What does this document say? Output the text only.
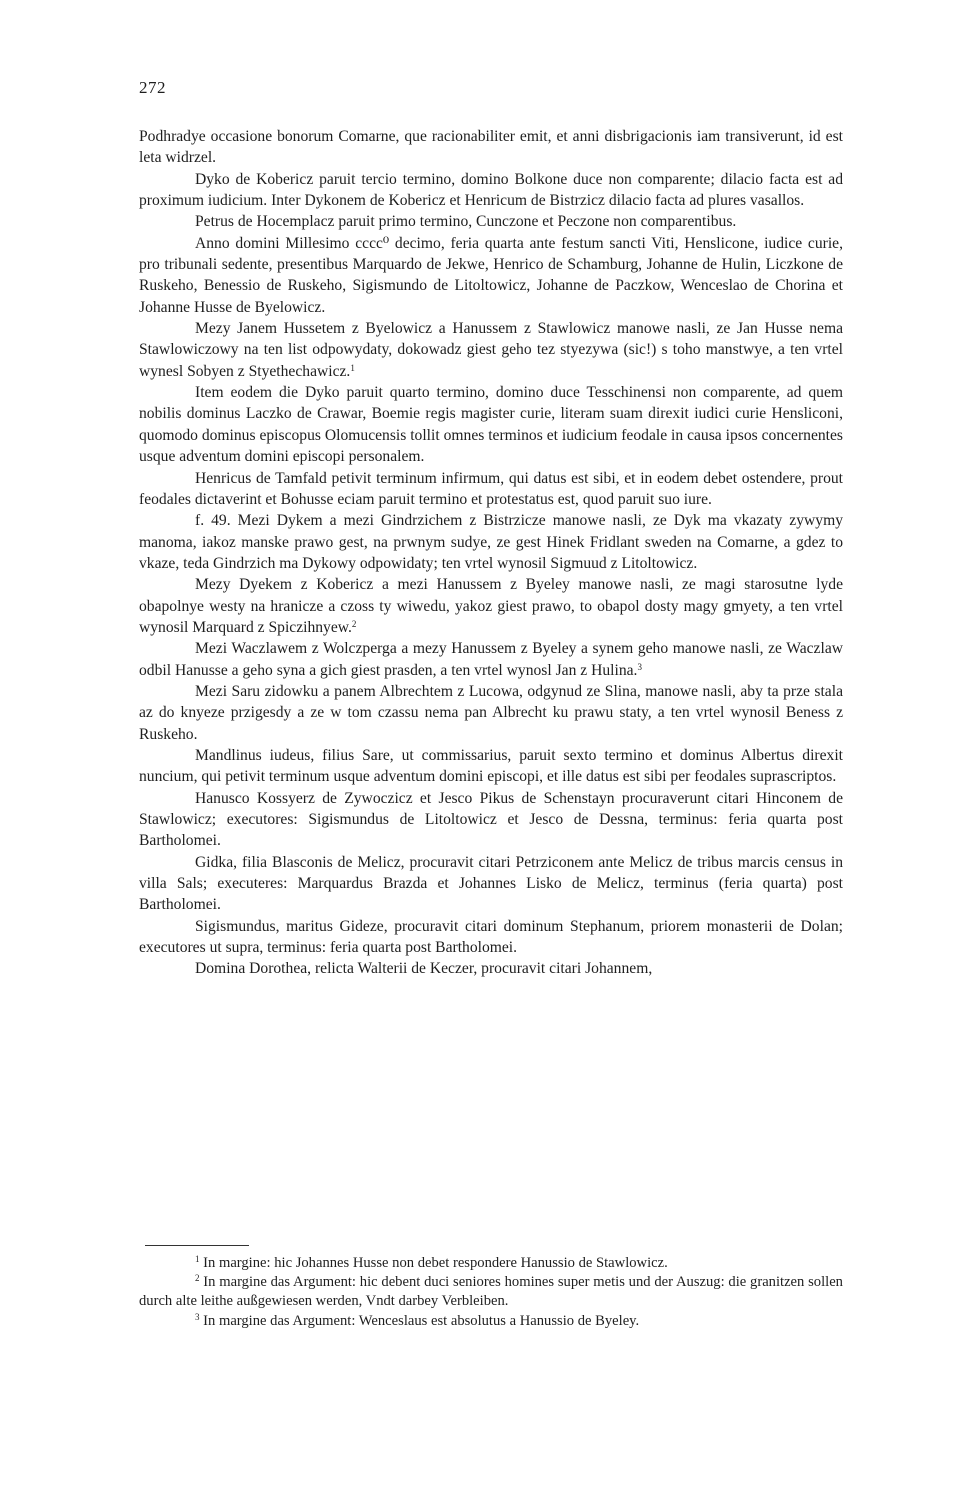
272

Podhradye occasione bonorum Comarne, que racionabiliter emit, et anni disbrigacionis iam transiverunt, id est leta widrzel.

Dyko de Kobericz paruit tercio termino, domino Bolkone duce non comparente; dilacio facta est ad proximum iudicium. Inter Dykonem de Kobericz et Henricum de Bistrzicz dilacio facta ad plures vasallos.

Petrus de Hocemplacz paruit primo termino, Cunczone et Peczone non comparentibus.

Anno domini Millesimo cccc⁰ decimo, feria quarta ante festum sancti Viti, Hensliconе, iudice curie, pro tribunali sedente, presentibus Marquardo de Jekwe, Henrico de Schamburg, Johanne de Hulin, Liczkone de Ruskeho, Benessio de Ruskeho, Sigismundo de Litoltowicz, Johanne de Paczkow, Wenceslao de Chorina et Johanne Husse de Byelowicz.

Mezy Janem Hussetem z Byelowicz a Hanussem z Stawlowicz manowe nasli, ze Jan Husse nema Stawlowiczowy na ten list odpowydaty, dokowadz giest geho tez styezywa (sic!) s toho manstwye, a ten vrtel wynesl Sobyen z Styethechawicz.$^1$

Item eodem die Dyko paruit quarto termino, domino duce Tesschinensi non comparente, ad quem nobilis dominus Laczko de Crawar, Boemie regis magister curie, literam suam direxit iudici curie Hensliconi, quomodo dominus episcopus Olomucensis tollit omnes terminos et iudicium feodale in causa ipsos concernentes usque adventum domini episcopi personalem.

Henricus de Tamfald petivit terminum infirmum, qui datus est sibi, et in eodem debet ostendere, prout feodales dictaverint et Bohusse eciam paruit termino et protestatus est, quod paruit suo iure.

f. 49. Mezi Dykem a mezi Gindrzichem z Bistrzicze manowe nasli, ze Dyk ma vkazaty zywymy manoma, iakoz manske prawo gest, na prwnym sudye, ze gest Hinek Fridlant sweden na Comarne, a gdez to vkaze, teda Gindrzich ma Dykowy odpowidaty; ten vrtel wynosil Sigmuud z Litoltowicz.

Mezy Dyekem z Kobericz a mezi Hanussem z Byeley manowe nasli, ze magi starosutne lyde obapolnye westy na hranicze a czoss ty wiwedu, yakoz giest prawo, to obapol dosty magy gmyety, a ten vrtel wynosil Marquard z Spiczihnyew.$^2$

Mezi Waczlawem z Wolczperga a mezy Hanussem z Byeley a synem geho manowe nasli, ze Waczlaw odbil Hanusse a geho syna a gich giest prasden, a ten vrtel wynosl Jan z Hulina.$^3$

Mezi Saru zidowku a panem Albrechtem z Lucowa, odgynud ze Slina, manowe nasli, aby ta prze stala az do knyeze przigesdy a ze w tom czassu nema pan Albrecht ku prawu staty, a ten vrtel wynosil Beness z Ruskeho.

Mandlinus iudeus, filius Sare, ut commissarius, paruit sexto termino et dominus Albertus direxit nuncium, qui petivit terminum usque adventum domini episcopi, et ille datus est sibi per feodales suprascriptos.

Hanusco Kossyerz de Zywoczicz et Jesco Pikus de Schenstayn procuraverunt citari Hinconem de Stawlowicz; executores: Sigismundus de Litoltowicz et Jesco de Dessna, terminus: feria quarta post Bartholomei.

Gidka, filia Blasconis de Melicz, procuravit citari Petrziconem ante Melicz de tribus marcis census in villa Sals; executeres: Marquardus Brazda et Johannes Lisko de Melicz, terminus (feria quarta) post Bartholomei.

Sigismundus, maritus Gideze, procuravit citari dominum Stephanum, priorem monasterii de Dolan; executores ut supra, terminus: feria quarta post Bartholomei.

Domina Dorothea, relicta Walterii de Keczer, procuravit citari Johannem,

$^1$ In margine: hic Johannes Husse non debet respondere Hanussio de Stawlowicz.

$^2$ In margine das Argument: hic debent duci seniores homines super metis und der Auszug: die granitzen sollen durch alte leithe außgewiesen werden, Vndt darbey Verbleiben.

$^3$ In margine das Argument: Wenceslaus est absolutus a Hanussio de Byeley.
